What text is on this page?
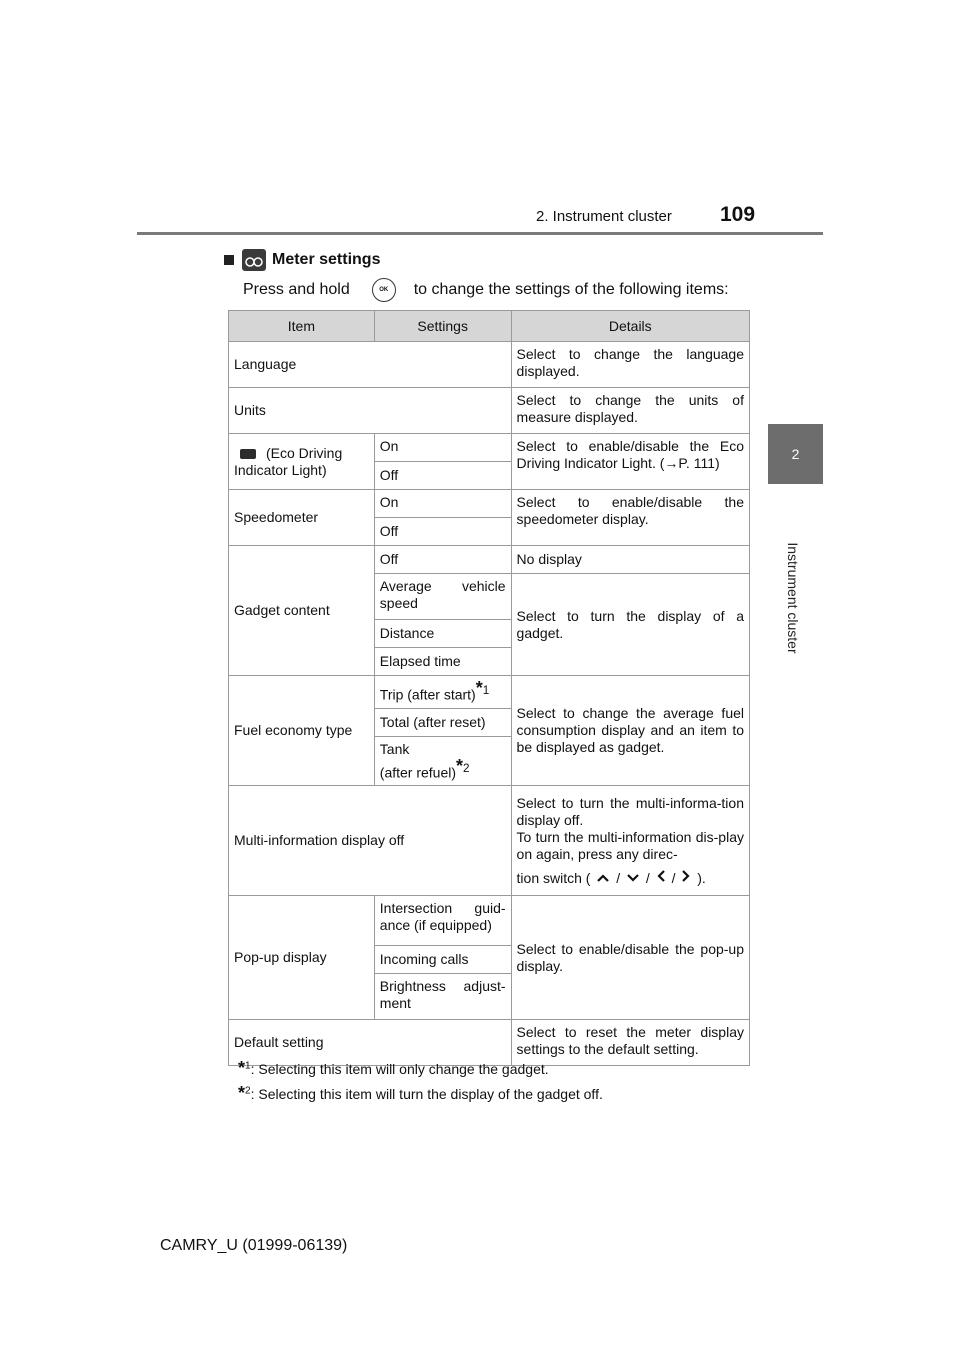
2. Instrument cluster 109
2
Instrument cluster
Meter settings
Press and hold	OK	to change the settings of the following items:
Item	Settings	Details
Language		Select to change the language displayed.
Units		Select to change the units of measure displayed.
(Eco Driving Indicator Light)	On	Select to enable/disable the Eco Driving Indicator Light. (→P. 111)
	Off	
Speedometer	On	Select to enable/disable the speedometer display.
	Off	
Gadget content	Off	No display
	Average vehicle speed	Select to turn the display of a gadget.
	Distance	
	Elapsed time	
Fuel economy type	Trip (after start)$^{*1}$	Select to change the average fuel consumption display and an item to be displayed as gadget.
	Total (after reset)	
	Tank
(after refuel)$^{*2}$
Multi-information display off		Select to turn the multi-informa-tion display off.
To turn the multi-information dis-play on again, press any direc-
tion switch ( / / / ).

Pop-up display	Intersection guid-ance (if equipped)	Select to enable/disable the pop-up display.
	Incoming calls	
	Brightness adjust-ment	
Default setting		Select to reset the meter display settings to the default setting.
*$^1$: Selecting this item will only change the gadget.
*$^2$: Selecting this item will turn the display of the gadget off.
CAMRY_U (01999-06139)
